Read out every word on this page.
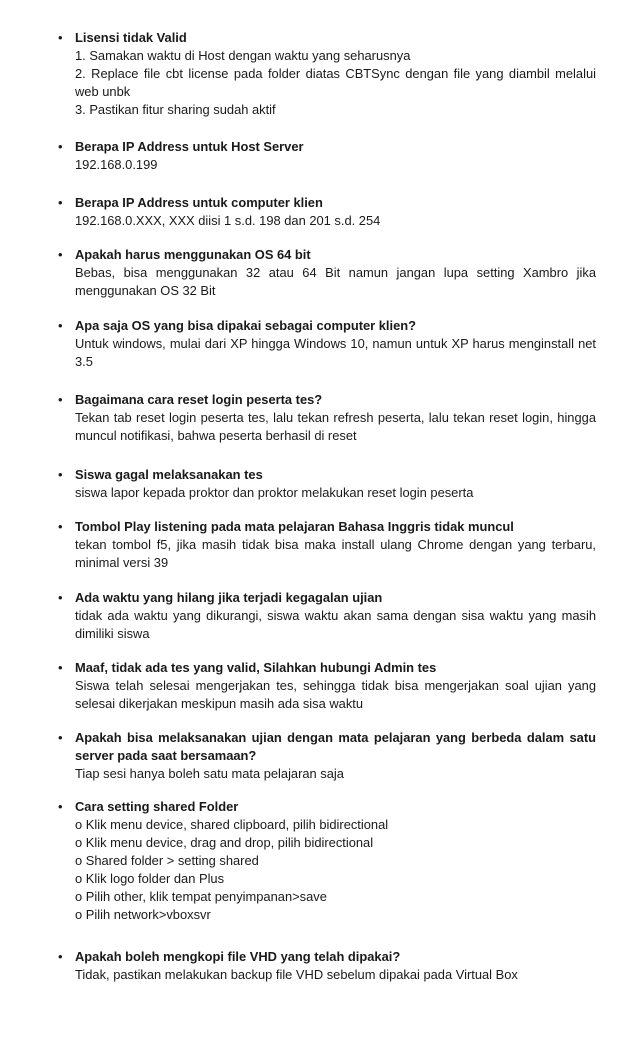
• Lisensi tidak Valid
1. Samakan waktu di Host dengan waktu yang seharusnya
2. Replace file cbt license pada folder diatas CBTSync dengan file yang diambil melalui web unbk
3. Pastikan fitur sharing sudah aktif
• Berapa IP Address untuk Host Server
192.168.0.199
• Berapa IP Address untuk computer klien
192.168.0.XXX, XXX diisi 1 s.d. 198 dan 201 s.d. 254
• Apakah harus menggunakan OS 64 bit
Bebas, bisa menggunakan 32 atau 64 Bit namun jangan lupa setting Xambro jika menggunakan OS 32 Bit
• Apa saja OS yang bisa dipakai sebagai computer klien?
Untuk windows, mulai dari XP hingga Windows 10, namun untuk XP harus menginstall net 3.5
• Bagaimana cara reset login peserta tes?
Tekan tab reset login peserta tes, lalu tekan refresh peserta, lalu tekan reset login, hingga muncul notifikasi, bahwa peserta berhasil di reset
• Siswa gagal melaksanakan tes
siswa lapor kepada proktor dan proktor melakukan reset login peserta
• Tombol Play listening pada mata pelajaran Bahasa Inggris tidak muncul
tekan tombol f5, jika masih tidak bisa maka install ulang Chrome dengan yang terbaru, minimal versi 39
• Ada waktu yang hilang jika terjadi kegagalan ujian
tidak ada waktu yang dikurangi, siswa waktu akan sama dengan sisa waktu yang masih dimiliki siswa
• Maaf, tidak ada tes yang valid, Silahkan hubungi Admin tes
Siswa telah selesai mengerjakan tes, sehingga tidak bisa mengerjakan soal ujian yang selesai dikerjakan meskipun masih ada sisa waktu
• Apakah bisa melaksanakan ujian dengan mata pelajaran yang berbeda dalam satu server pada saat bersamaan?
Tiap sesi hanya boleh satu mata pelajaran saja
• Cara setting shared Folder
o Klik menu device, shared clipboard, pilih bidirectional
o Klik menu device, drag and drop, pilih bidirectional
o Shared folder > setting shared
o Klik logo folder dan Plus
o Pilih other, klik tempat penyimpanan>save
o Pilih network>vboxsvr
• Apakah boleh mengkopi file VHD yang telah dipakai?
Tidak, pastikan melakukan backup file VHD sebelum dipakai pada Virtual Box
